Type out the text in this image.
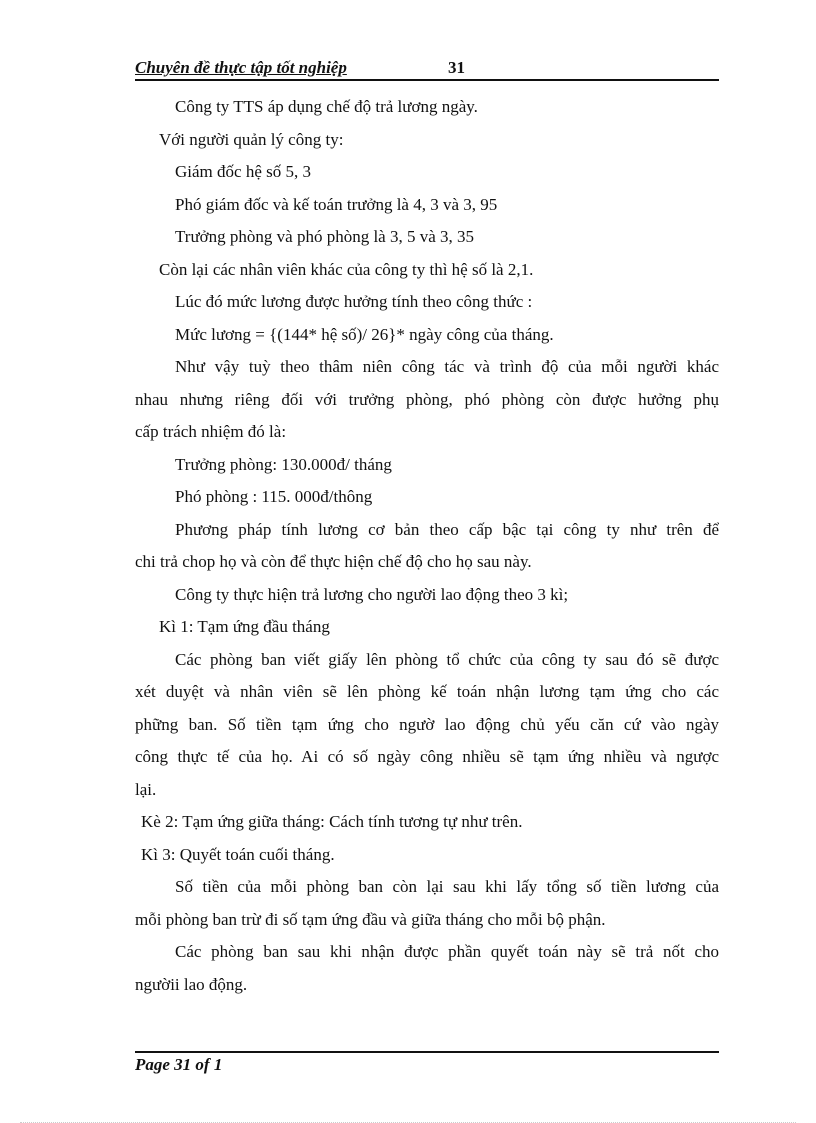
Chuyên đề thực tập tốt nghiệp	31
Công ty TTS áp dụng chế độ trả lương ngày.
Với người quản lý công ty:
Giám đốc hệ số 5, 3
Phó giám đốc và kế toán trưởng là 4, 3 và 3, 95
Trưởng phòng và phó phòng là 3, 5 và 3, 35
Còn lại các nhân viên khác của công ty thì hệ số là 2,1.
Lúc đó mức lương được hưởng tính theo công thức :
Mức lương = {(144* hệ số)/ 26}* ngày công của tháng.
Như vậy tuỳ theo thâm niên công tác và trình độ của mỗi người khác
nhau nhưng riêng đối với trưởng phòng, phó phòng còn được hưởng phụ
cấp trách nhiệm đó là:
Trưởng phòng: 130.000đ/ tháng
Phó phòng : 115. 000đ/thông
Phương pháp tính lương cơ bản theo cấp bậc tại công ty như trên để
chi trả chop họ và còn để thực hiện chế độ cho họ sau này.
Công ty thực hiện trả lương cho người lao động theo 3 kì;
Kì 1: Tạm ứng đầu tháng
Các phòng ban viết giấy lên phòng tổ chức của công ty sau đó sẽ được
xét duyệt và nhân viên sẽ lên phòng kế toán nhận lương tạm ứng cho các
phững ban. Số tiền tạm ứng cho ngườ lao động chủ yếu căn cứ vào ngày
công thực tế của họ. Ai có số ngày công nhiều sẽ tạm ứng nhiều và ngược
lại.
Kè 2: Tạm ứng giữa tháng: Cách tính tương tự như trên.
Kì 3: Quyết toán cuối tháng.
Số tiền của mỗi phòng ban còn lại sau khi lấy tổng số tiền lương của
mỗi phòng ban trừ đi số tạm ứng đầu và giữa tháng cho mỗi bộ phận.
Các phòng ban sau khi nhận được phần quyết toán này sẽ trả nốt cho
ngườii lao động.
Page 31 of 1
